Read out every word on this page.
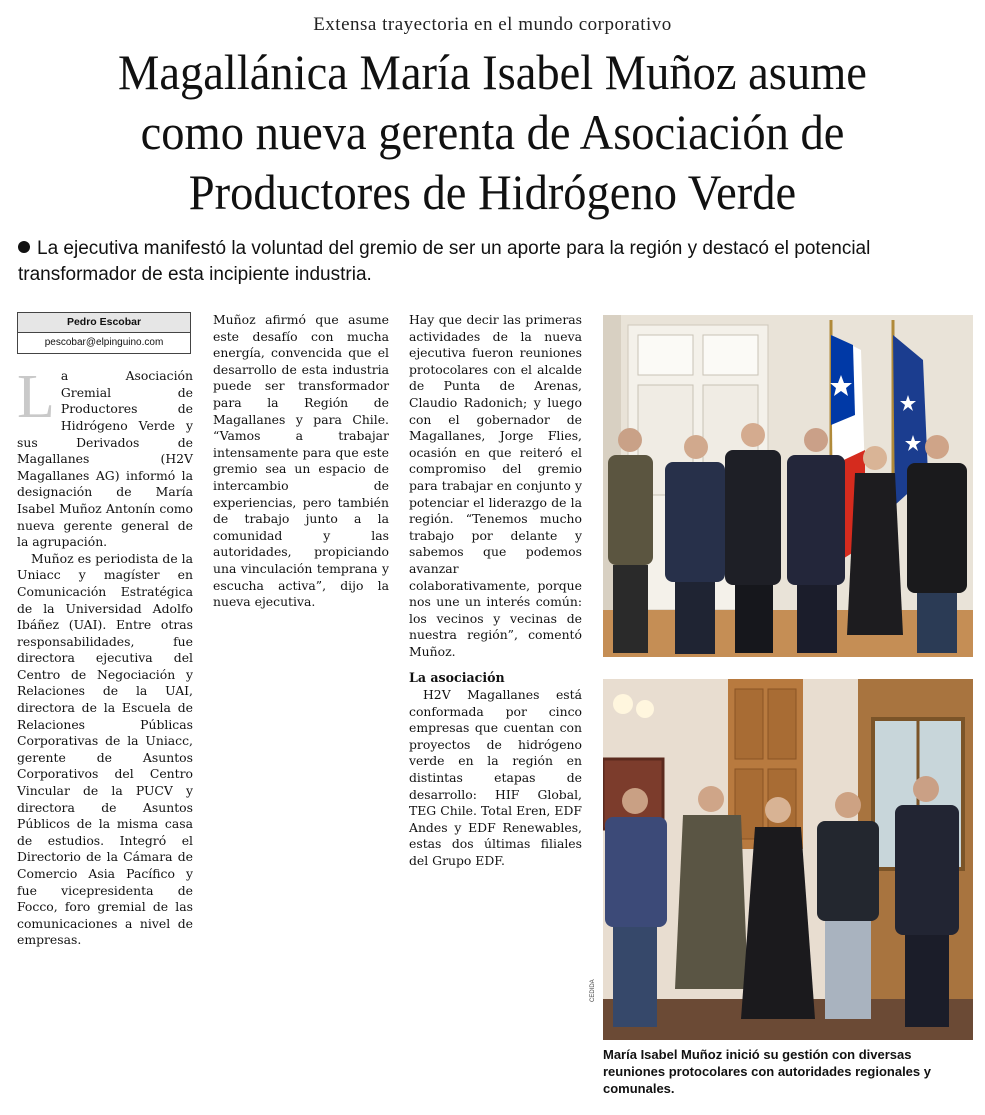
Extensa trayectoria en el mundo corporativo
Magallánica María Isabel Muñoz asume
como nueva gerenta de Asociación de
Productores de Hidrógeno Verde

La ejecutiva manifestó la voluntad del gremio de ser un aporte para la región y destacó el potencial transformador de esta incipiente industria.

Pedro Escobar
pescobar@elpinguino.com

La Asociación Gremial de Productores de Hidrógeno Verde y sus Derivados de Magallanes (H2V Magallanes AG) informó la designación de María Isabel Muñoz Antonín como nueva gerente general de la agrupación.

Muñoz es periodista de la Uniacc y magíster en Comunicación Estratégica de la Universidad Adolfo Ibáñez (UAI). Entre otras responsabilidades, fue directora ejecutiva del Centro de Negociación y Relaciones de la UAI, directora de la Escuela de Relaciones Públicas Corporativas de la Uniacc, gerente de Asuntos Corporativos del Centro Vincular de la PUCV y directora de Asuntos Públicos de la misma casa de estudios. Integró el Directorio de la Cámara de Comercio Asia Pacífico y fue vicepresidenta de Focco, foro gremial de las comunicaciones a nivel de empresas.

Muñoz afirmó que asume este desafío con mucha energía, convencida que el desarrollo de esta industria puede ser transformador para la Región de Magallanes y para Chile. “Vamos a trabajar intensamente para que este gremio sea un espacio de intercambio de experiencias, pero también de trabajo junto a la comunidad y las autoridades, propiciando una vinculación temprana y escucha activa”, dijo la nueva ejecutiva.

Hay que decir las primeras actividades de la nueva ejecutiva fueron reuniones protocolares con el alcalde de Punta de Arenas, Claudio Radonich; y luego con el gobernador de Magallanes, Jorge Flies, ocasión en que reiteró el compromiso del gremio para trabajar en conjunto y potenciar el liderazgo de la región. “Tenemos mucho trabajo por delante y sabemos que podemos avanzar colaborativamente, porque nos une un interés común: los vecinos y vecinas de nuestra región”, comentó Muñoz.

La asociación

H2V Magallanes está conformada por cinco empresas que cuentan con proyectos de hidrógeno verde en la región en distintas etapas de desarrollo: HIF Global, TEG Chile. Total Eren, EDF Andes y EDF Renewables, estas dos últimas filiales del Grupo EDF.

CEDIDA
María Isabel Muñoz inició su gestión con diversas reuniones protocolares con autoridades regionales y comunales.
